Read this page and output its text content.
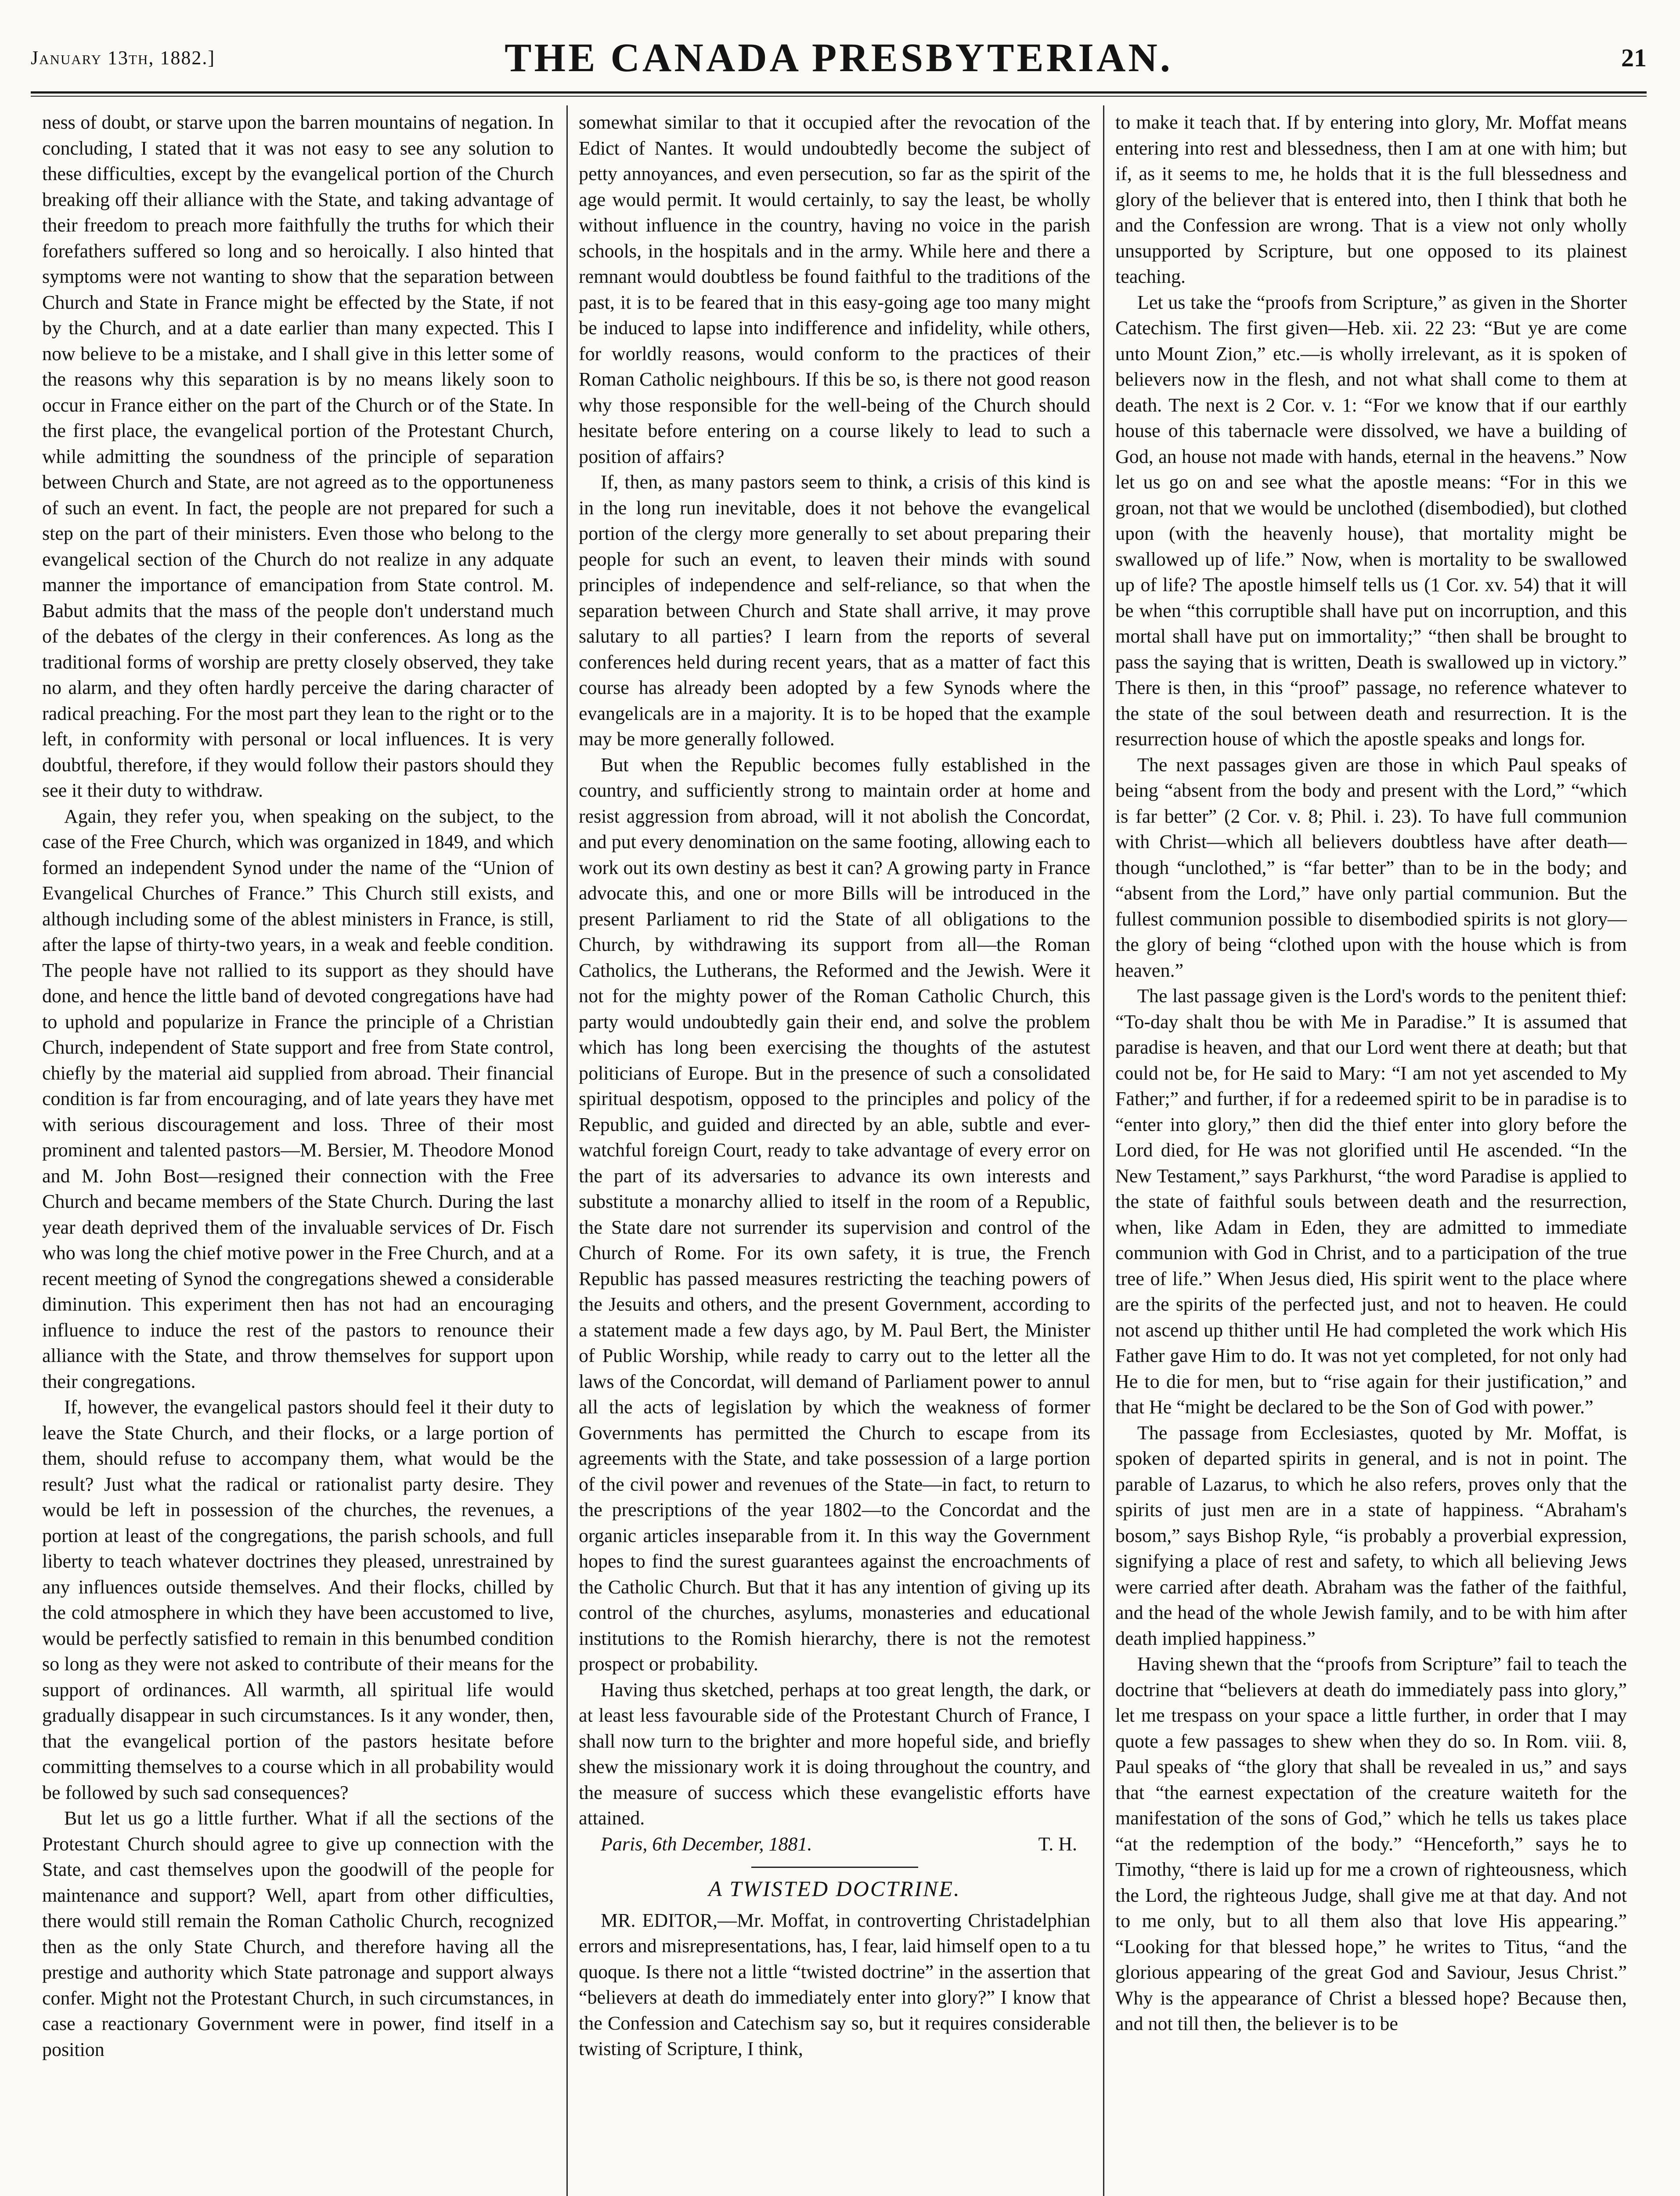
January 13th, 1882.]	THE CANADA PRESBYTERIAN.	21

ness of doubt, or starve upon the barren mountains of negation. In concluding, I stated that it was not easy to see any solution to these difficulties, except by the evangelical portion of the Church breaking off their alliance with the State, and taking advantage of their freedom to preach more faithfully the truths for which their forefathers suffered so long and so heroically. I also hinted that symptoms were not wanting to show that the separation between Church and State in France might be effected by the State, if not by the Church, and at a date earlier than many expected. This I now believe to be a mistake, and I shall give in this letter some of the reasons why this separation is by no means likely soon to occur in France either on the part of the Church or of the State. In the first place, the evangelical portion of the Protestant Church, while admitting the soundness of the principle of separation between Church and State, are not agreed as to the opportuneness of such an event. In fact, the people are not prepared for such a step on the part of their ministers. Even those who belong to the evangelical section of the Church do not realize in any adquate manner the importance of emancipation from State control. M. Babut admits that the mass of the people don't understand much of the debates of the clergy in their conferences. As long as the traditional forms of worship are pretty closely observed, they take no alarm, and they often hardly perceive the daring character of radical preaching. For the most part they lean to the right or to the left, in conformity with personal or local influences. It is very doubtful, therefore, if they would follow their pastors should they see it their duty to withdraw.

Again, they refer you, when speaking on the subject, to the case of the Free Church, which was organized in 1849, and which formed an independent Synod under the name of the “Union of Evangelical Churches of France.” This Church still exists, and although including some of the ablest ministers in France, is still, after the lapse of thirty-two years, in a weak and feeble condition. The people have not rallied to its support as they should have done, and hence the little band of devoted congregations have had to uphold and popularize in France the principle of a Christian Church, independent of State support and free from State control, chiefly by the material aid supplied from abroad. Their financial condition is far from encouraging, and of late years they have met with serious discouragement and loss. Three of their most prominent and talented pastors—M. Bersier, M. Theodore Monod and M. John Bost—resigned their connection with the Free Church and became members of the State Church. During the last year death deprived them of the invaluable services of Dr. Fisch who was long the chief motive power in the Free Church, and at a recent meeting of Synod the congregations shewed a considerable diminution. This experiment then has not had an encouraging influence to induce the rest of the pastors to renounce their alliance with the State, and throw themselves for support upon their congregations.

If, however, the evangelical pastors should feel it their duty to leave the State Church, and their flocks, or a large portion of them, should refuse to accompany them, what would be the result? Just what the radical or rationalist party desire. They would be left in possession of the churches, the revenues, a portion at least of the congregations, the parish schools, and full liberty to teach whatever doctrines they pleased, unrestrained by any influences outside themselves. And their flocks, chilled by the cold atmosphere in which they have been accustomed to live, would be perfectly satisfied to remain in this benumbed condition so long as they were not asked to contribute of their means for the support of ordinances. All warmth, all spiritual life would gradually disappear in such circumstances. Is it any wonder, then, that the evangelical portion of the pastors hesitate before committing themselves to a course which in all probability would be followed by such sad consequences?

But let us go a little further. What if all the sections of the Protestant Church should agree to give up connection with the State, and cast themselves upon the goodwill of the people for maintenance and support? Well, apart from other difficulties, there would still remain the Roman Catholic Church, recognized then as the only State Church, and therefore having all the prestige and authority which State patronage and support always confer. Might not the Protestant Church, in such circumstances, in case a reactionary Government were in power, find itself in a position

somewhat similar to that it occupied after the revocation of the Edict of Nantes. It would undoubtedly become the subject of petty annoyances, and even persecution, so far as the spirit of the age would permit. It would certainly, to say the least, be wholly without influence in the country, having no voice in the parish schools, in the hospitals and in the army. While here and there a remnant would doubtless be found faithful to the traditions of the past, it is to be feared that in this easy-going age too many might be induced to lapse into indifference and infidelity, while others, for worldly reasons, would conform to the practices of their Roman Catholic neighbours. If this be so, is there not good reason why those responsible for the well-being of the Church should hesitate before entering on a course likely to lead to such a position of affairs?

If, then, as many pastors seem to think, a crisis of this kind is in the long run inevitable, does it not behove the evangelical portion of the clergy more generally to set about preparing their people for such an event, to leaven their minds with sound principles of independence and self-reliance, so that when the separation between Church and State shall arrive, it may prove salutary to all parties? I learn from the reports of several conferences held during recent years, that as a matter of fact this course has already been adopted by a few Synods where the evangelicals are in a majority. It is to be hoped that the example may be more generally followed.

But when the Republic becomes fully established in the country, and sufficiently strong to maintain order at home and resist aggression from abroad, will it not abolish the Concordat, and put every denomination on the same footing, allowing each to work out its own destiny as best it can? A growing party in France advocate this, and one or more Bills will be introduced in the present Parliament to rid the State of all obligations to the Church, by withdrawing its support from all—the Roman Catholics, the Lutherans, the Reformed and the Jewish. Were it not for the mighty power of the Roman Catholic Church, this party would undoubtedly gain their end, and solve the problem which has long been exercising the thoughts of the astutest politicians of Europe. But in the presence of such a consolidated spiritual despotism, opposed to the principles and policy of the Republic, and guided and directed by an able, subtle and ever-watchful foreign Court, ready to take advantage of every error on the part of its adversaries to advance its own interests and substitute a monarchy allied to itself in the room of a Republic, the State dare not surrender its supervision and control of the Church of Rome. For its own safety, it is true, the French Republic has passed measures restricting the teaching powers of the Jesuits and others, and the present Government, according to a statement made a few days ago, by M. Paul Bert, the Minister of Public Worship, while ready to carry out to the letter all the laws of the Concordat, will demand of Parliament power to annul all the acts of legislation by which the weakness of former Governments has permitted the Church to escape from its agreements with the State, and take possession of a large portion of the civil power and revenues of the State—in fact, to return to the prescriptions of the year 1802—to the Concordat and the organic articles inseparable from it. In this way the Government hopes to find the surest guarantees against the encroachments of the Catholic Church. But that it has any intention of giving up its control of the churches, asylums, monasteries and educational institutions to the Romish hierarchy, there is not the remotest prospect or probability.

Having thus sketched, perhaps at too great length, the dark, or at least less favourable side of the Protestant Church of France, I shall now turn to the brighter and more hopeful side, and briefly shew the missionary work it is doing throughout the country, and the measure of success which these evangelistic efforts have attained.

Paris, 6th December, 1881.	T. H.
A TWISTED DOCTRINE.

MR. EDITOR,—Mr. Moffat, in controverting Christadelphian errors and misrepresentations, has, I fear, laid himself open to a tu quoque. Is there not a little “twisted doctrine” in the assertion that “believers at death do immediately enter into glory?” I know that the Confession and Catechism say so, but it requires considerable twisting of Scripture, I think,

to make it teach that. If by entering into glory, Mr. Moffat means entering into rest and blessedness, then I am at one with him; but if, as it seems to me, he holds that it is the full blessedness and glory of the believer that is entered into, then I think that both he and the Confession are wrong. That is a view not only wholly unsupported by Scripture, but one opposed to its plainest teaching.

Let us take the “proofs from Scripture,” as given in the Shorter Catechism. The first given—Heb. xii. 22 23: “But ye are come unto Mount Zion,” etc.—is wholly irrelevant, as it is spoken of believers now in the flesh, and not what shall come to them at death. The next is 2 Cor. v. 1: “For we know that if our earthly house of this tabernacle were dissolved, we have a building of God, an house not made with hands, eternal in the heavens.” Now let us go on and see what the apostle means: “For in this we groan, not that we would be unclothed (disembodied), but clothed upon (with the heavenly house), that mortality might be swallowed up of life.” Now, when is mortality to be swallowed up of life? The apostle himself tells us (1 Cor. xv. 54) that it will be when “this corruptible shall have put on incorruption, and this mortal shall have put on immortality;” “then shall be brought to pass the saying that is written, Death is swallowed up in victory.” There is then, in this “proof” passage, no reference whatever to the state of the soul between death and resurrection. It is the resurrection house of which the apostle speaks and longs for.

The next passages given are those in which Paul speaks of being “absent from the body and present with the Lord,” “which is far better” (2 Cor. v. 8; Phil. i. 23). To have full communion with Christ—which all believers doubtless have after death—though “unclothed,” is “far better” than to be in the body; and “absent from the Lord,” have only partial communion. But the fullest communion possible to disembodied spirits is not glory—the glory of being “clothed upon with the house which is from heaven.”

The last passage given is the Lord's words to the penitent thief: “To-day shalt thou be with Me in Paradise.” It is assumed that paradise is heaven, and that our Lord went there at death; but that could not be, for He said to Mary: “I am not yet ascended to My Father;” and further, if for a redeemed spirit to be in paradise is to “enter into glory,” then did the thief enter into glory before the Lord died, for He was not glorified until He ascended. “In the New Testament,” says Parkhurst, “the word Paradise is applied to the state of faithful souls between death and the resurrection, when, like Adam in Eden, they are admitted to immediate communion with God in Christ, and to a participation of the true tree of life.” When Jesus died, His spirit went to the place where are the spirits of the perfected just, and not to heaven. He could not ascend up thither until He had completed the work which His Father gave Him to do. It was not yet completed, for not only had He to die for men, but to “rise again for their justification,” and that He “might be declared to be the Son of God with power.”

The passage from Ecclesiastes, quoted by Mr. Moffat, is spoken of departed spirits in general, and is not in point. The parable of Lazarus, to which he also refers, proves only that the spirits of just men are in a state of happiness. “Abraham's bosom,” says Bishop Ryle, “is probably a proverbial expression, signifying a place of rest and safety, to which all believing Jews were carried after death. Abraham was the father of the faithful, and the head of the whole Jewish family, and to be with him after death implied happiness.”

Having shewn that the “proofs from Scripture” fail to teach the doctrine that “believers at death do immediately pass into glory,” let me trespass on your space a little further, in order that I may quote a few passages to shew when they do so. In Rom. viii. 8, Paul speaks of “the glory that shall be revealed in us,” and says that “the earnest expectation of the creature waiteth for the manifestation of the sons of God,” which he tells us takes place “at the redemption of the body.” “Henceforth,” says he to Timothy, “there is laid up for me a crown of righteousness, which the Lord, the righteous Judge, shall give me at that day. And not to me only, but to all them also that love His appearing.” “Looking for that blessed hope,” he writes to Titus, “and the glorious appearing of the great God and Saviour, Jesus Christ.” Why is the appearance of Christ a blessed hope? Because then, and not till then, the believer is to be
